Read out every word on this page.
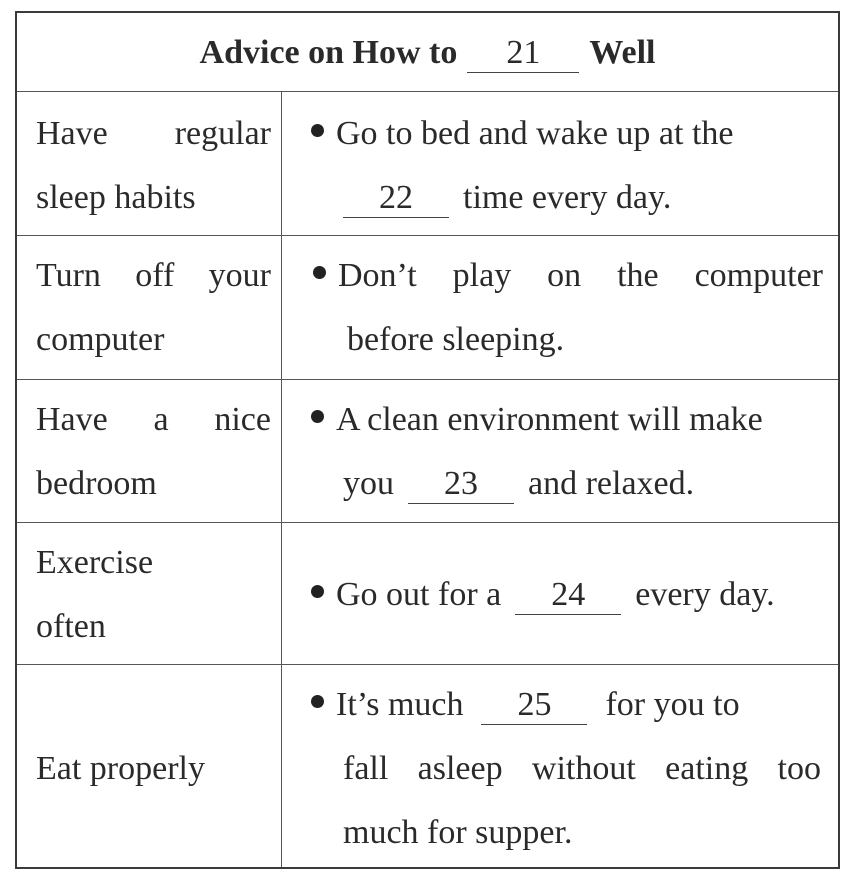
Advice on How to 21 Well
Have regular
sleep habits
Go to bed and wake up at the
22 time every day.
Turn off your
computer
Don’t play on the computer
before sleeping.
Have a nice
bedroom
A clean environment will make
you 23 and relaxed.
Exercise
often
Go out for a 24 every day.
Eat properly
It’s much 25 for you to
fall asleep without eating too
much for supper.
